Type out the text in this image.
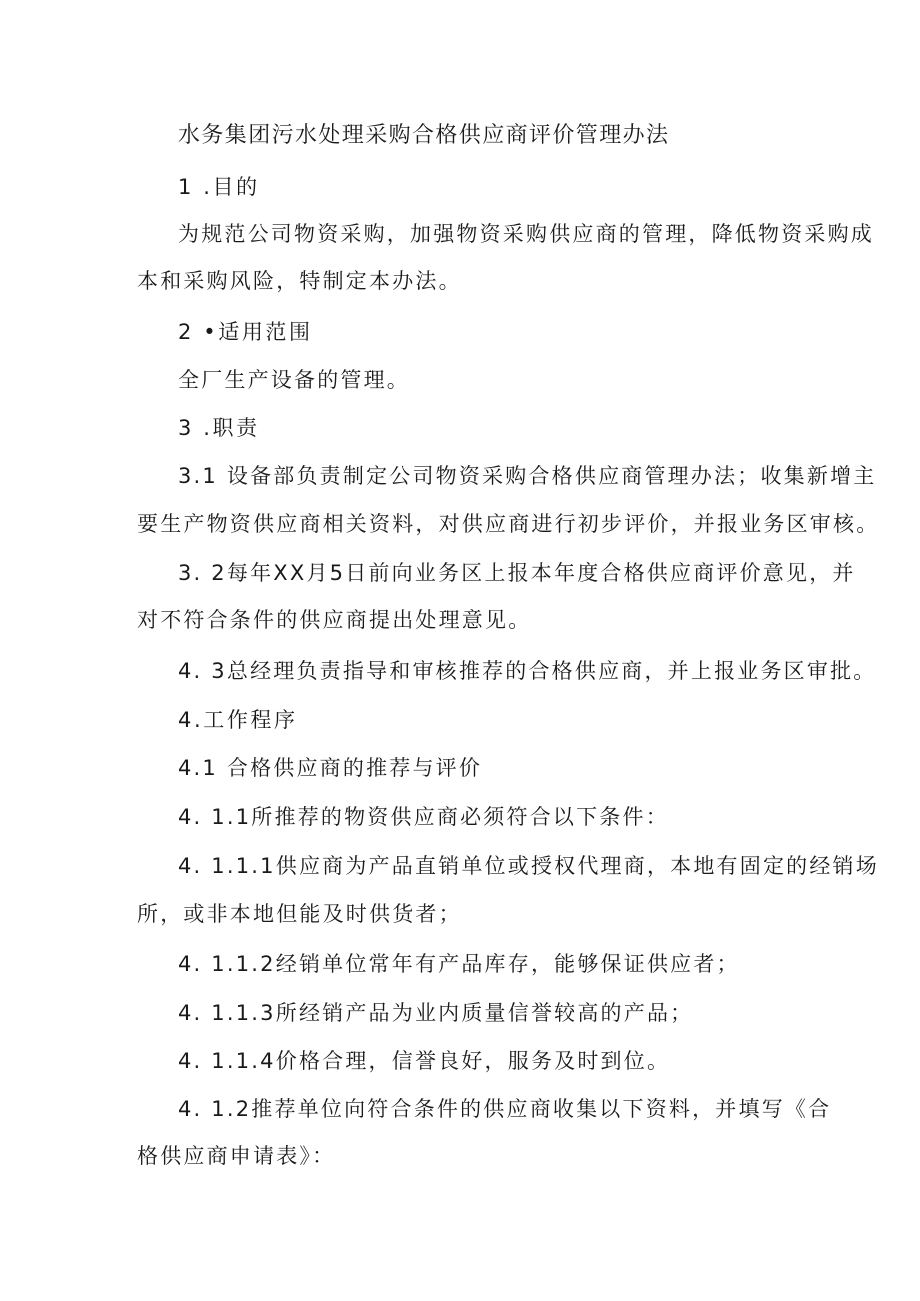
水务集团污水处理采购合格供应商评价管理办法
1 .目的
为规范公司物资采购，加强物资采购供应商的管理，降低物资采购成
本和采购风险，特制定本办法。
2 •适用范围
全厂生产设备的管理。
3 .职责
3.1 设备部负责制定公司物资采购合格供应商管理办法；收集新增主
要生产物资供应商相关资料，对供应商进行初步评价，并报业务区审核。
3. 2每年XX月5日前向业务区上报本年度合格供应商评价意见，并
对不符合条件的供应商提出处理意见。
4. 3总经理负责指导和审核推荐的合格供应商，并上报业务区审批。
4.工作程序
4.1 合格供应商的推荐与评价
4. 1.1所推荐的物资供应商必须符合以下条件：
4. 1.1.1供应商为产品直销单位或授权代理商，本地有固定的经销场
所，或非本地但能及时供货者；
4. 1.1.2经销单位常年有产品库存，能够保证供应者；
4. 1.1.3所经销产品为业内质量信誉较高的产品；
4. 1.1.4价格合理，信誉良好，服务及时到位。
4. 1.2推荐单位向符合条件的供应商收集以下资料，并填写《合
格供应商申请表》：
